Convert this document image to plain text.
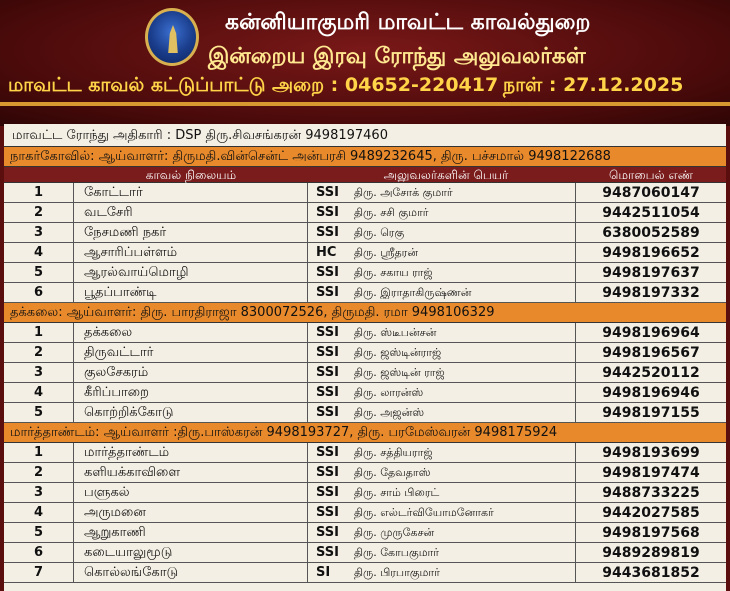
கன்னியாகுமரி மாவட்ட காவல்துறை
இன்றைய இரவு ரோந்து அலுவலர்கள்
மாவட்ட காவல் கட்டுப்பாட்டு அறை : 04652-220417 நாள் : 27.12.2025
மாவட்ட ரோந்து அதிகாரி : DSP திரு.சிவசங்கரன் 9498197460
நாகர்கோவில்: ஆய்வாளர்: திருமதி.வின்சென்ட் அன்பரசி 9489232645, திரு. பச்சமால் 9498122688
காவல் நிலையம்	அலுவலர்களின் பெயர்	மொபைல் எண்
1	கோட்டார்	SSI திரு. அசோக் குமார்	9487060147
2	வடசேரி	SSI திரு. சசி குமார்	9442511054
3	நேசமணி நகர்	SSI திரு. ரெகு	6380052589
4	ஆசாரிப்பள்ளம்	HC திரு. ஸ்ரீதரன்	9498196652
5	ஆரல்வாய்மொழி	SSI திரு. சகாய ராஜ்	9498197637
6	பூதப்பாண்டி	SSI திரு. இராதாகிருஷ்ணன்	9498197332
தக்கலை: ஆய்வாளர்: திரு. பாரதிராஜா 8300072526, திருமதி. ரமா 9498106329
1	தக்கலை	SSI திரு. ஸ்டீபன்சன்	9498196964
2	திருவட்டார்	SSI திரு. ஜஸ்டின்ராஜ்	9498196567
3	குலசேகரம்	SSI திரு. ஜஸ்டின் ராஜ்	9442520112
4	கீரிப்பாறை	SSI திரு. லாரன்ஸ்	9498196946
5	கொற்றிக்கோடு	SSI திரு. அஜன்ஸ்	9498197155
மார்த்தாண்டம்: ஆய்வாளர் :திரு.பாஸ்கரன் 9498193727, திரு. பரமேஸ்வரன் 9498175924
1	மார்த்தாண்டம்	SSI திரு. சத்தியராஜ்	9498193699
2	களியக்காவிளை	SSI திரு. தேவதாஸ்	9498197474
3	பளுகல்	SSI திரு. சாம் பிரைட்	9488733225
4	அருமனை	SSI திரு. எல்டர்வியோமனோகர்	9442027585
5	ஆறுகாணி	SSI திரு. முருகேசன்	9498197568
6	கடையாலுமூடு	SSI திரு. கோபகுமார்	9489289819
7	கொல்லங்கோடு	SI திரு. பிரபாகுமார்	9443681852
